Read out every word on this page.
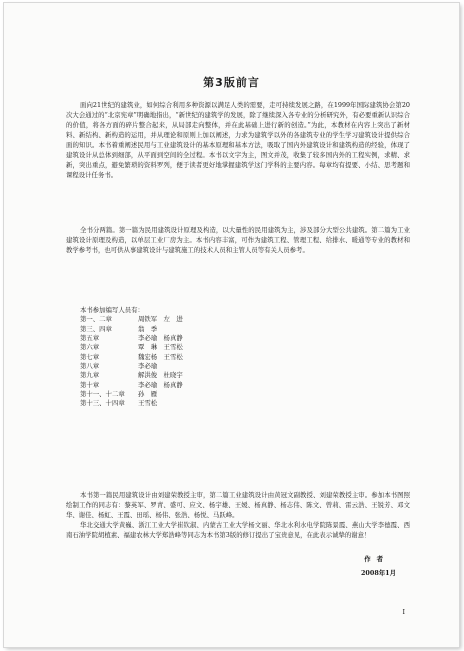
第3版前言

面向21世纪的建筑业，如何综合利用多种资源以满足人类的需要，走可持续发展之路，在1999年国际建筑协会第20次大会通过的“北京宪章”明确地指出，“新世纪的建筑学的发展，除了继续深入各专业的分析研究外，有必要重新认识综合的价值，将各方面的碎片整合起来，从局部走向整体，并在此基础上进行新的创造。”为此，本教材在内容上突出了新材料、新结构、新构造的运用，并从理论和原则上加以阐述，力求为建筑学以外的各建筑专业的学生学习建筑设计提供综合面的知识。本书着重阐述民用与工业建筑设计的基本原理和基本方法，吸取了国内外建筑设计和建筑构造的经验，体现了建筑设计从总体到细部，从平面到空间的全过程。本书以文字为主，图文并茂，收集了较多国内外的工程实例，求精、求新，突出重点，避免繁琐的资料罗列，便于读者更好地掌握建筑学这门学科的主要内容。每章均有提要、小结、思考题和课程设计任务书。

全书分两篇。第一篇为民用建筑设计原理及构造，以大量性的民用建筑为主，涉及部分大型公共建筑。第二篇为工业建筑设计原理及构造，以单层工业厂房为主。本书内容丰富，可作为建筑工程、管理工程、给排水、暖通等专业的教材和教学参考书，也可供从事建筑设计与建筑施工的技术人员和主管人员等有关人员参考。

本书参加编写人员有：
第一、二章	周铁军　左　进
第三、四章	翁　季
第五章	李必瑜　杨真静
第六章	覃　琳　王雪松
第七章	魏宏杨　王雪松
第八章	李必瑜
第九章	解洪俊　杜晓宇
第十章	李必瑜　杨真静
第十一、十二章	孙　雁
第十三、十四章	王雪松

本书第一篇民用建筑设计由刘建荣教授主审，第二篇工业建筑设计由黄冠文副教授、刘建荣教授主审。参加本书图照绘制工作的同志有：黎英军、罗青、盛可、应文、杨宇雄、王媛、杨真静、杨志伟、陈文、曾莉、雷云浩、王锐芳、邓文华、谢佳、杨虹、王霞、田瑶、杨伟、张浩、杨悦、马跃峰。

华北交通大学黄巍、浙江工业大学崔钦淑、内蒙古工业大学杨文丽、华北水利水电学院陈景霞、燕山大学李德霞、西南石油学院胡植素、福建农林大学郑浩峰等同志为本书第3版的修订提出了宝贵意见，在此表示诚挚的谢意！

作者
2008年1月
I
